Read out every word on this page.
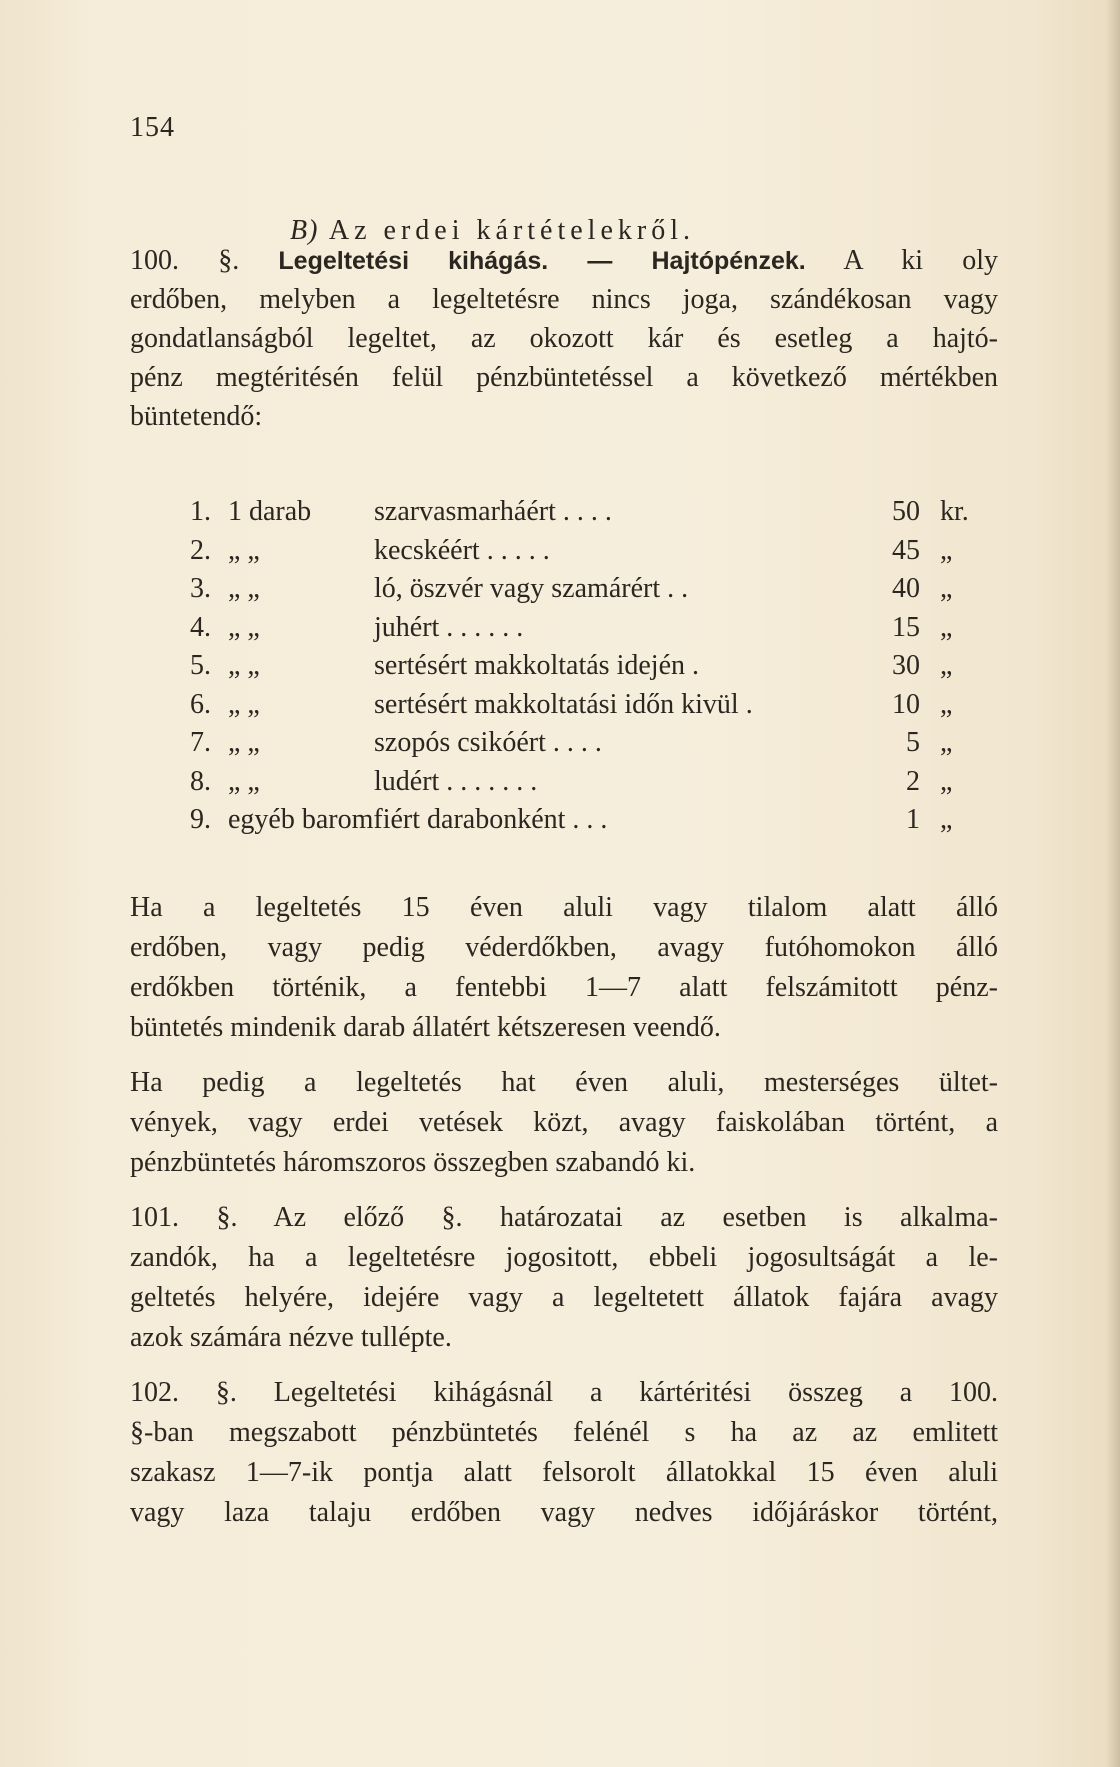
154
B) Az erdei kártételekről.

100. §. Legeltetési kihágás. — Hajtópénzek. A ki oly

erdőben, melyben a legeltetésre nincs joga, szándékosan vagy

gondatlanságból legeltet, az okozott kár és esetleg a hajtó-

pénz megtéritésén felül pénzbüntetéssel a következő mértékben

büntetendő:

1. 1 darab szarvasmarháért . . . .	50 kr.
2. „ „	kecskéért . . . . .	45 „
3. „ „	ló, öszvér vagy szamárért . .	40 „
4. „ „	juhért . . . . . .	15 „
5. „ „	sertésért makkoltatás idején .	30 „
6. „ „	sertésért makkoltatási időn kivül .	10 „
7. „ „	szopós csikóért . . . .	5 „
8. „ „	ludért . . . . . . .	2 „
9. egyéb baromfiért darabonként . . .	1 „

Ha a legeltetés 15 éven aluli vagy tilalom alatt álló

erdőben, vagy pedig véderdőkben, avagy futóhomokon álló

erdőkben történik, a fentebbi 1—7 alatt felszámitott pénz-

büntetés mindenik darab állatért kétszeresen veendő.

Ha pedig a legeltetés hat éven aluli, mesterséges ültet-

vények, vagy erdei vetések közt, avagy faiskolában történt, a

pénzbüntetés háromszoros összegben szabandó ki.

101. §. Az előző §. határozatai az esetben is alkalma-

zandók, ha a legeltetésre jogositott, ebbeli jogosultságát a le-

geltetés helyére, idejére vagy a legeltetett állatok fajára avagy

azok számára nézve tullépte.

102. §. Legeltetési kihágásnál a kártéritési összeg a 100.

§-ban megszabott pénzbüntetés felénél s ha az az emlitett

szakasz 1—7-ik pontja alatt felsorolt állatokkal 15 éven aluli

vagy laza talaju erdőben vagy nedves időjáráskor történt,
